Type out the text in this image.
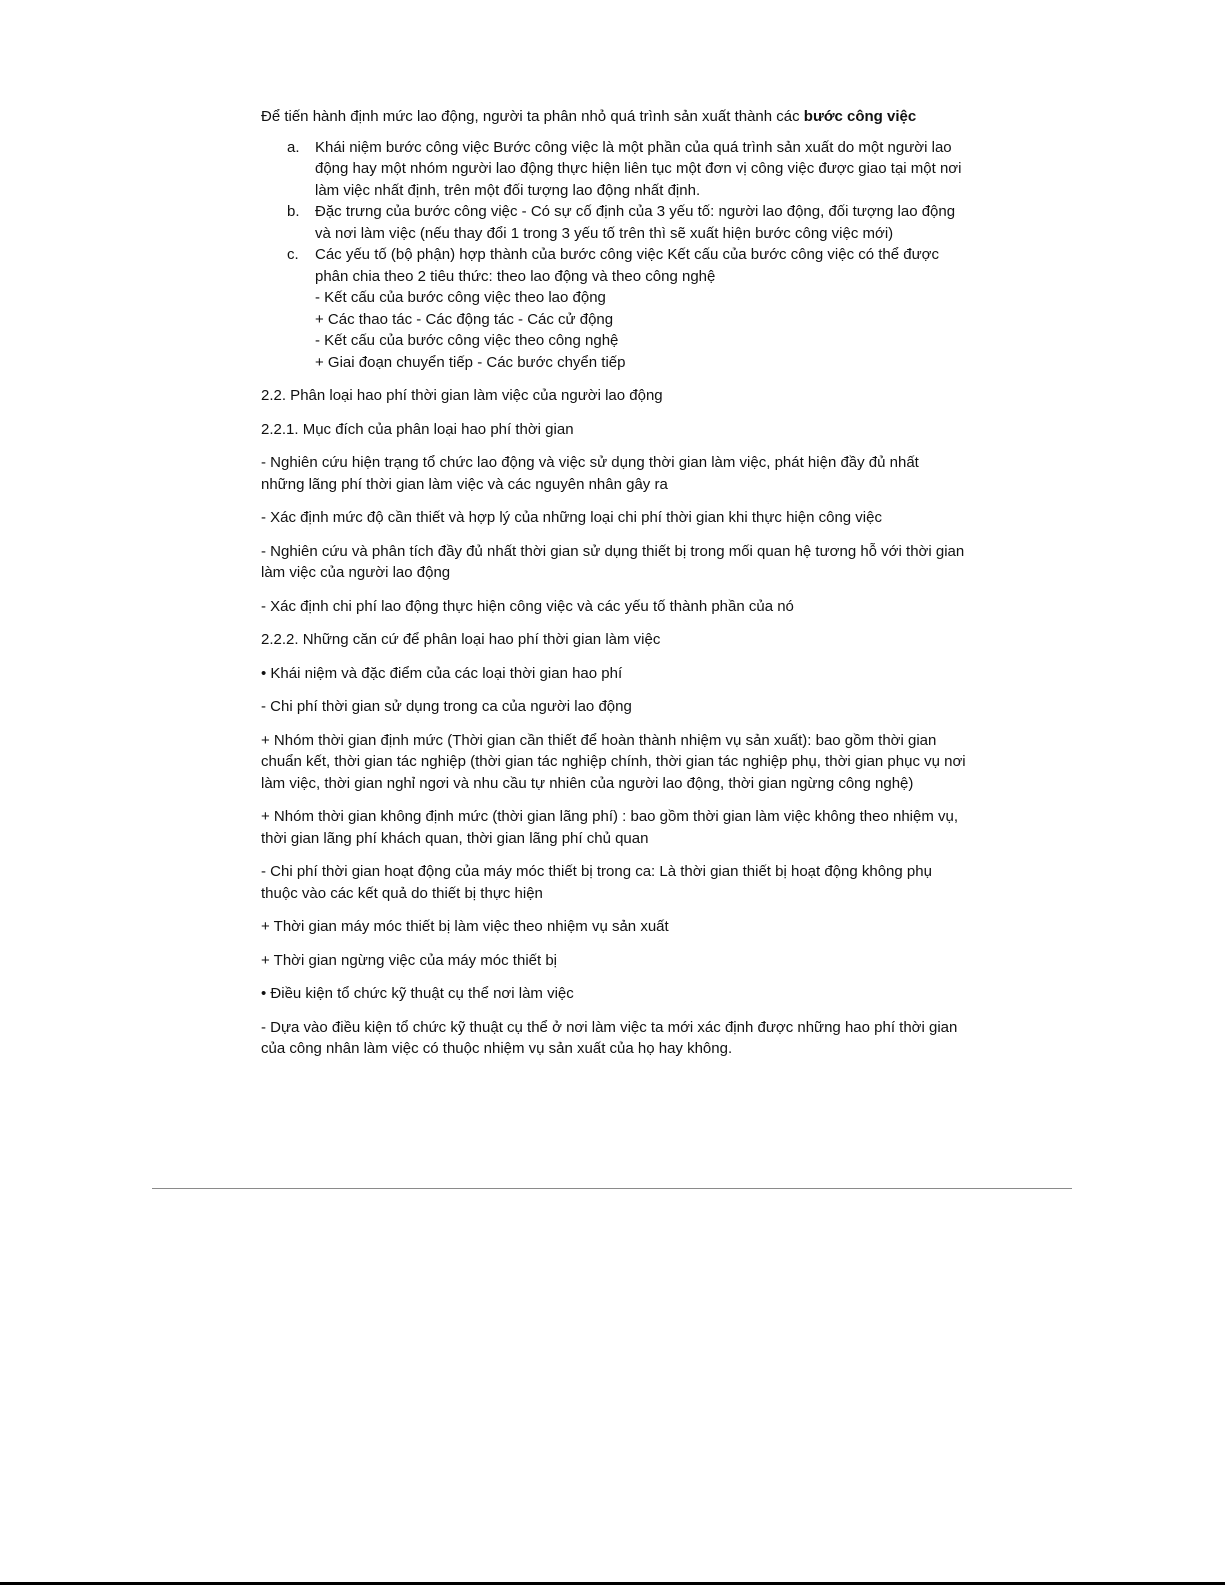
Để tiến hành định mức lao động, người ta phân nhỏ quá trình sản xuất thành các bước công việc

a. Khái niệm bước công việc Bước công việc là một phần của quá trình sản xuất do một người lao động hay một nhóm người lao động thực hiện liên tục một đơn vị công việc được giao tại một nơi làm việc nhất định, trên một đối tượng lao động nhất định.
b. Đặc trưng của bước công việc - Có sự cố định của 3 yếu tố: người lao động, đối tượng lao động và nơi làm việc (nếu thay đổi 1 trong 3 yếu tố trên thì sẽ xuất hiện bước công việc mới)
c. Các yếu tố (bộ phận) hợp thành của bước công việc Kết cấu của bước công việc có thể được phân chia theo 2 tiêu thức: theo lao động và theo công nghệ
- Kết cấu của bước công việc theo lao động
+ Các thao tác - Các động tác - Các cử động
- Kết cấu của bước công việc theo công nghệ
+ Giai đoạn chuyển tiếp - Các bước chyển tiếp

2.2. Phân loại hao phí thời gian làm việc của người lao động

2.2.1. Mục đích của phân loại hao phí thời gian

- Nghiên cứu hiện trạng tổ chức lao động và việc sử dụng thời gian làm việc, phát hiện đầy đủ nhất những lãng phí thời gian làm việc và các nguyên nhân gây ra

- Xác định mức độ cần thiết và hợp lý của những loại chi phí thời gian khi thực hiện công việc

- Nghiên cứu và phân tích đầy đủ nhất thời gian sử dụng thiết bị trong mối quan hệ tương hỗ với thời gian làm việc của người lao động

- Xác định chi phí lao động thực hiện công việc và các yếu tố thành phần của nó

2.2.2. Những căn cứ để phân loại hao phí thời gian làm việc

• Khái niệm và đặc điểm của các loại thời gian hao phí

- Chi phí thời gian sử dụng trong ca của người lao động

+ Nhóm thời gian định mức (Thời gian cần thiết để hoàn thành nhiệm vụ sản xuất): bao gồm thời gian chuẩn kết, thời gian tác nghiệp (thời gian tác nghiệp chính, thời gian tác nghiệp phụ, thời gian phục vụ nơi làm việc, thời gian nghỉ ngơi và nhu cầu tự nhiên của người lao động, thời gian ngừng công nghệ)

+ Nhóm thời gian không định mức (thời gian lãng phí) : bao gồm thời gian làm việc không theo nhiệm vụ, thời gian lãng phí khách quan, thời gian lãng phí chủ quan

- Chi phí thời gian hoạt động của máy móc thiết bị trong ca: Là thời gian thiết bị hoạt động không phụ thuộc vào các kết quả do thiết bị thực hiện

+ Thời gian máy móc thiết bị làm việc theo nhiệm vụ sản xuất

+ Thời gian ngừng việc của máy móc thiết bị

• Điều kiện tổ chức kỹ thuật cụ thể nơi làm việc

- Dựa vào điều kiện tổ chức kỹ thuật cụ thể ở nơi làm việc ta mới xác định được những hao phí thời gian của công nhân làm việc có thuộc nhiệm vụ sản xuất của họ hay không.
